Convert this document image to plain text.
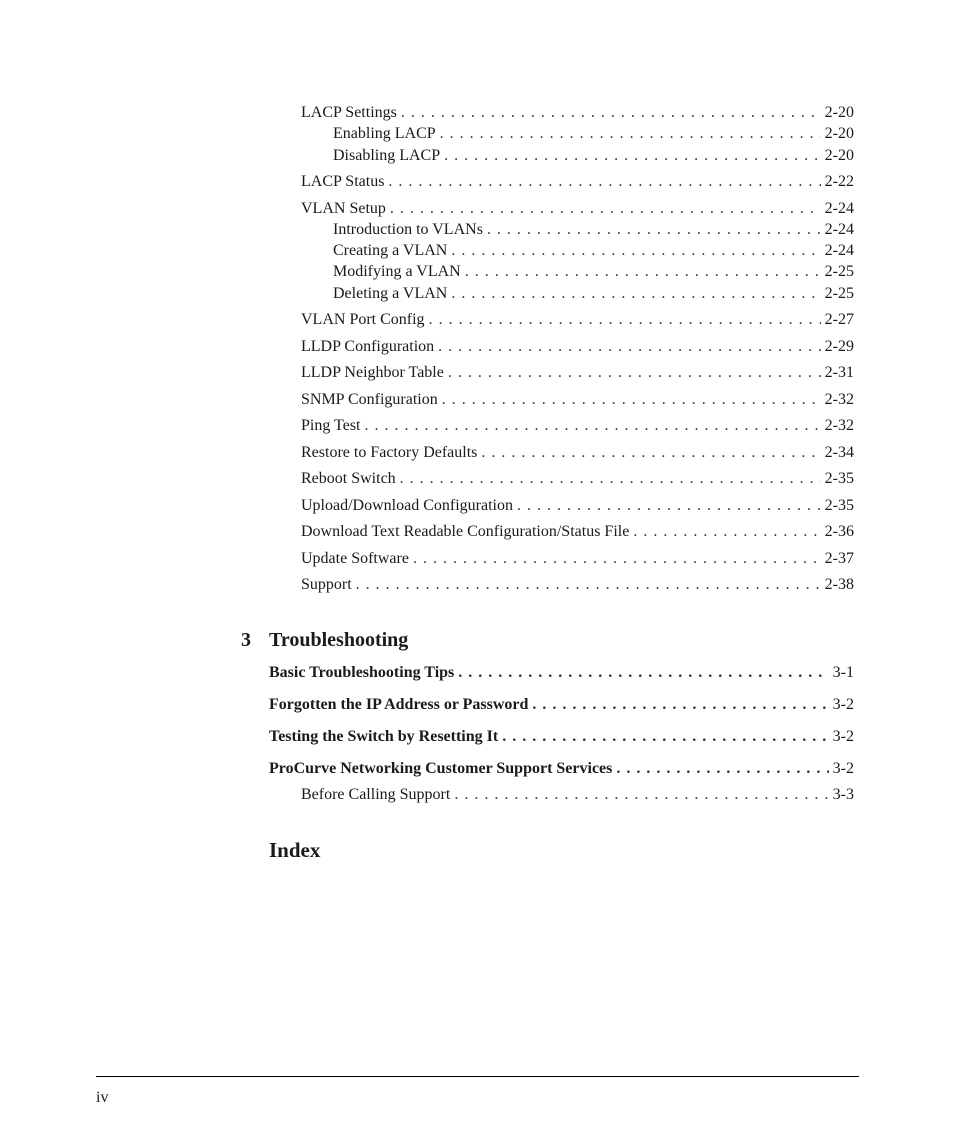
LACP Settings . . .	2-20
Enabling LACP . . .	2-20
Disabling LACP . . .	2-20
LACP Status . . .	2-22
VLAN Setup . . .	2-24
Introduction to VLANs . . .	2-24
Creating a VLAN . . .	2-24
Modifying a VLAN . . .	2-25
Deleting a VLAN . . .	2-25
VLAN Port Config . . .	2-27
LLDP Configuration . . .	2-29
LLDP Neighbor Table . . .	2-31
SNMP Configuration . . .	2-32
Ping Test . . .	2-32
Restore to Factory Defaults . . .	2-34
Reboot Switch . . .	2-35
Upload/Download Configuration . . .	2-35
Download Text Readable Configuration/Status File . . .	2-36
Update Software . . .	2-37
Support . . .	2-38
3 Troubleshooting
Basic Troubleshooting Tips . . .	3-1
Forgotten the IP Address or Password . . .	3-2
Testing the Switch by Resetting It . . .	3-2
ProCurve Networking Customer Support Services . . .	3-2
Before Calling Support . . .	3-3
Index
iv
